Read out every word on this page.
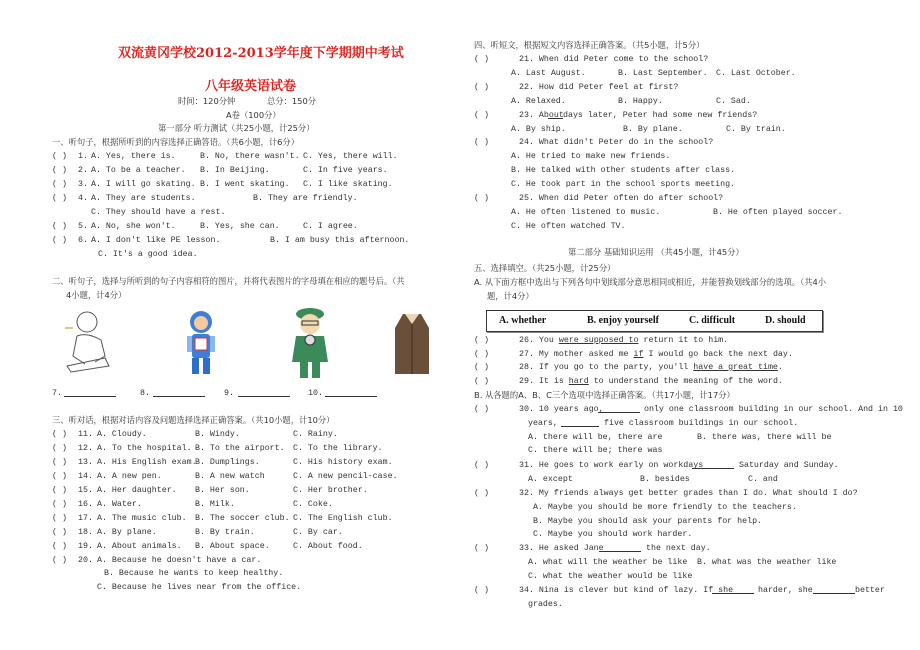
双流黄冈学校2012-2013学年度下学期期中考试
八年级英语试卷
时间：120分钟	总分：150分
A卷（100分）
第一部分 听力测试（共25小题，计25分）
A. whether	B. enjoy yourself	C. difficult	D. should
一、听句子，根据所听到的内容选择正确答语。（共6小题，计6分）
( ) 1. A. Yes, there is.	B. No, there wasn't. C. Yes, there will.
( ) 2. A. To be a teacher. B. In Beijing.	C. In five years.
( ) 3. A. I will go skating. B. I went skating. C. I like skating.
( ) 4. A. They are students.	B. They are friendly.
C. They should have a rest.
( ) 5. A. No, she won't.	B. Yes, she can.	C. I agree.
( ) 6. A. I don't like PE lesson.	B. I am busy this afternoon.
C. It's a good idea.
二、听句子，选择与所听到的句子内容相符的图片，并将代表图片的字母填在相应的题号后。（共
4小题，计4分）
7.	8.	9.	10.
三、听对话，根据对话内容及问题选择选择正确答案。（共10小题，计10分）
( ) 11. A. Cloudy.	B. Windy.	C. Rainy.
( ) 12. A. To the hospital. B. To the airport. C. To the library.
( ) 13. A. His English exam.
B. Dumplings.	C. His history exam.
( ) 14. A. A new pen.	B. A new watch	C. A new pencil-case.
( ) 15. A. Her daughter. B. Her son.	C. Her brother.
( ) 16. A. Water.	B. Milk.	C. Coke.
( ) 17. A. The music club. B. The soccer club. C. The English club.
( ) 18. A. By plane.	B. By train.	C. By car.
( ) 19. A. About animals. B. About space.	C. About food.
( ) 20. A. Because he doesn't have a car.
B. Because he wants to keep healthy.
C. Because he lives near from the office.
四、听短文，根据短文内容选择正确答案。（共5小题，计5分）
( )	21. When did Peter come to the school?
A. Last August.	B. Last September. C. Last October.
( )	22. How did Peter feel at first?
A. Relaxed.	B. Happy.	C. Sad.
( )	23. About days later, Peter had some new friends?
A. By ship.	B. By plane.	C. By train.
( )	24. What didn't Peter do in the school?
A. He tried to make new friends.
B. He talked with other students after class.
C. He took part in the school sports meeting.
( )	25. When did Peter often do after school?
A. He often listened to music.	B. He often played soccer.
C. He often watched TV.
第二部分 基础知识运用 （共45小题，计45分）
五、选择填空。（共25小题，计25分）
A. 从下面方框中选出与下列各句中划线部分意思相同或相近，并能替换划线部分的选项。（共4小
题，计4分）
( )	26. You were supposed to return it to him.
( )	27. My mother asked me if I would go back the next day.
( )	28. If you go to the party, you'll have a great time.
( )	29. It is hard to understand the meaning of the word.
B. 从各题的A、B、C三个选项中选择正确答案。（共17小题，计17分）
( )	30. 10 years ago,	only one classroom building in our school. And in 10
years,	five classroom buildings in our school.
A. there will be, there are	B. there was, there will be
C. there will be; there was
( )	31. He goes to work early on workdays	Saturday and Sunday.
A. except	B. besides	C. and
( )	32. My friends always get better grades than I do. What should I do?
A. Maybe you should be more friendly to the teachers.
B. Maybe you should ask your parents for help.
C. Maybe you should work harder.
( )	33. He asked Jane	the next day.
A. what will the weather be like B. what was the weather like
C. what the weather would be like
( )	34. Nina is clever but kind of lazy. If she	harder, she	better
grades.
